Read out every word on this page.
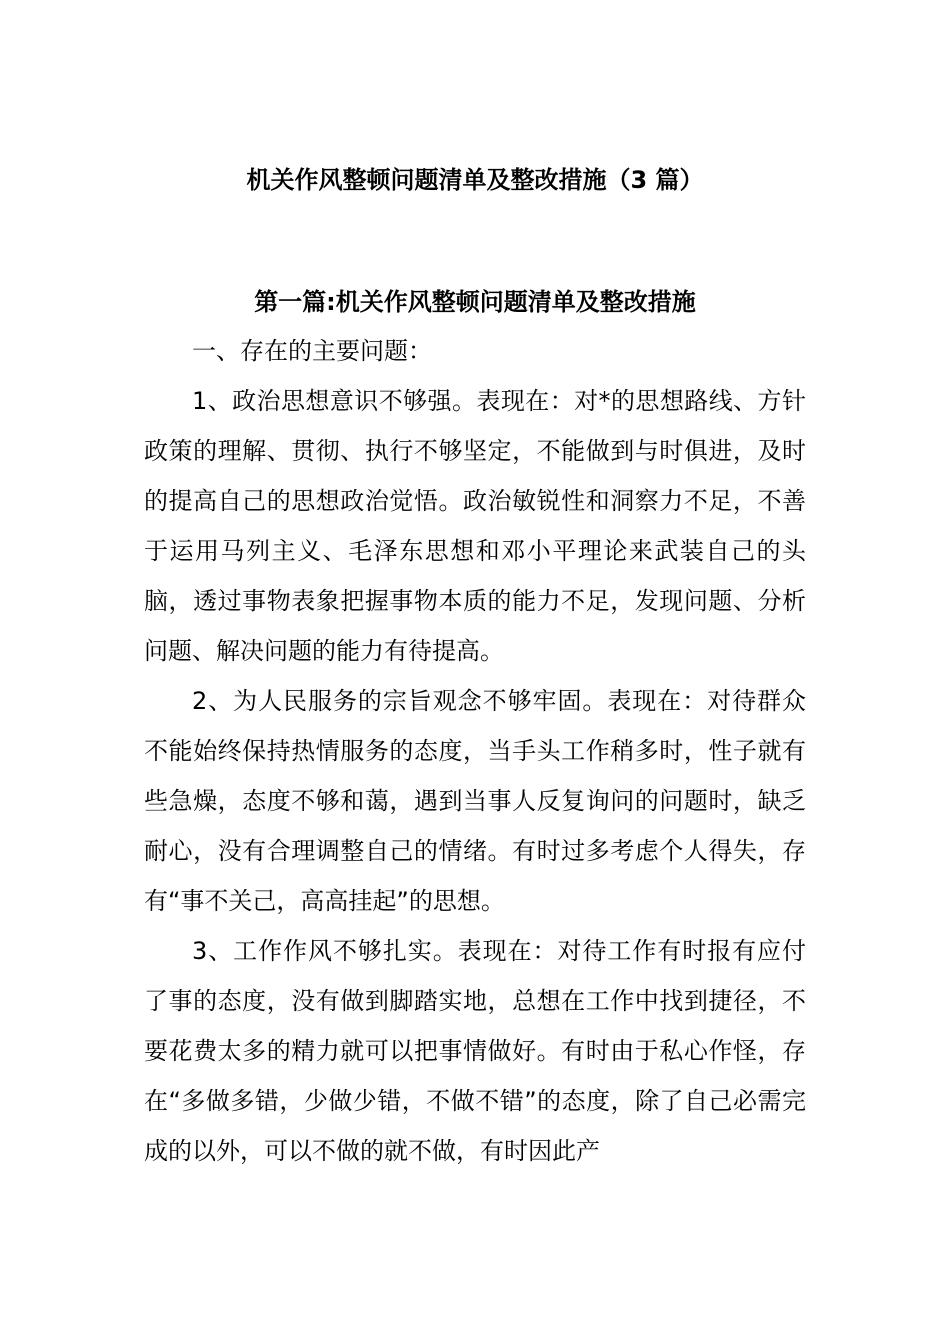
机关作风整顿问题清单及整改措施（3 篇）
第一篇:机关作风整顿问题清单及整改措施

一、存在的主要问题：

1、政治思想意识不够强。表现在：对*的思想路线、方针政策的理解、贯彻、执行不够坚定，不能做到与时俱进，及时的提高自己的思想政治觉悟。政治敏锐性和洞察力不足，不善于运用马列主义、毛泽东思想和邓小平理论来武装自己的头脑，透过事物表象把握事物本质的能力不足，发现问题、分析问题、解决问题的能力有待提高。

2、为人民服务的宗旨观念不够牢固。表现在：对待群众不能始终保持热情服务的态度，当手头工作稍多时，性子就有些急燥，态度不够和蔼，遇到当事人反复询问的问题时，缺乏耐心，没有合理调整自己的情绪。有时过多考虑个人得失，存有“事不关己，高高挂起”的思想。

3、工作作风不够扎实。表现在：对待工作有时报有应付了事的态度，没有做到脚踏实地，总想在工作中找到捷径，不要花费太多的精力就可以把事情做好。有时由于私心作怪，存在“多做多错，少做少错，不做不错”的态度，除了自己必需完成的以外，可以不做的就不做，有时因此产
